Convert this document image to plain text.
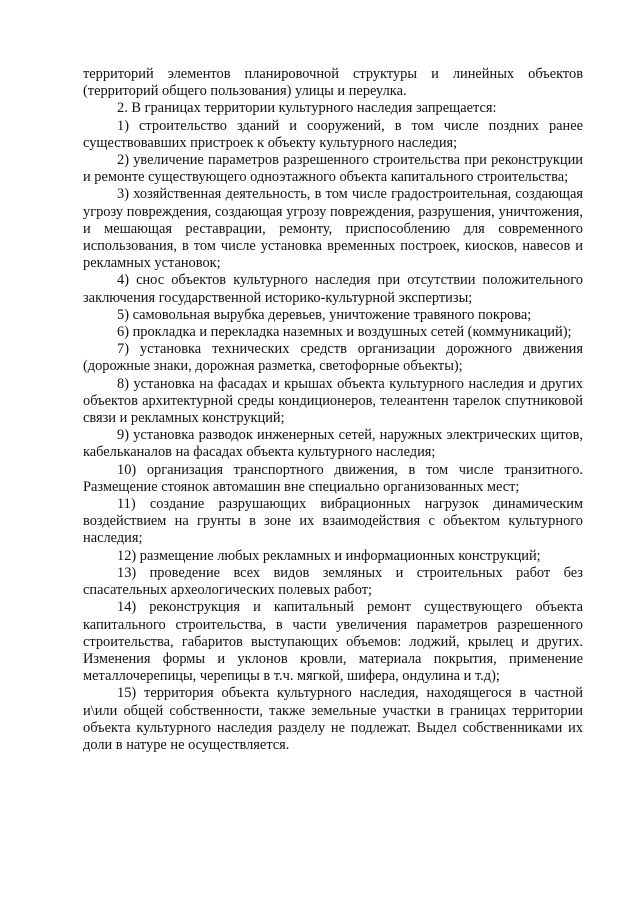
территорий элементов планировочной структуры и линейных объектов (территорий общего пользования) улицы и переулка.

2. В границах территории культурного наследия запрещается:

1) строительство зданий и сооружений, в том числе поздних ранее существовавших пристроек к объекту культурного наследия;

2) увеличение параметров разрешенного строительства при реконструкции и ремонте существующего одноэтажного объекта капитального строительства;

3) хозяйственная деятельность, в том числе градостроительная, создающая угрозу повреждения, создающая угрозу повреждения, разрушения, уничтожения, и мешающая реставрации, ремонту, приспособлению для современного использования, в том числе установка временных построек, киосков, навесов и рекламных установок;

4) снос объектов культурного наследия при отсутствии положительного заключения государственной историко-культурной экспертизы;

5) самовольная вырубка деревьев, уничтожение травяного покрова;

6) прокладка и перекладка наземных и воздушных сетей (коммуникаций);

7) установка технических средств организации дорожного движения (дорожные знаки, дорожная разметка, светофорные объекты);

8) установка на фасадах и крышах объекта культурного наследия и других объектов архитектурной среды кондиционеров, телеантенн тарелок спутниковой связи и рекламных конструкций;

9) установка разводок инженерных сетей, наружных электрических щитов, кабельканалов на фасадах объекта культурного наследия;

10) организация транспортного движения, в том числе транзитного. Размещение стоянок автомашин вне специально организованных мест;

11) создание разрушающих вибрационных нагрузок динамическим воздействием на грунты в зоне их взаимодействия с объектом культурного наследия;

12) размещение любых рекламных и информационных конструкций;

13) проведение всех видов земляных и строительных работ без спасательных археологических полевых работ;

14) реконструкция и капитальный ремонт существующего объекта капитального строительства, в части увеличения параметров разрешенного строительства, габаритов выступающих объемов: лоджий, крылец и других. Изменения формы и уклонов кровли, материала покрытия, применение металлочерепицы, черепицы в т.ч. мягкой, шифера, ондулина и т.д);

15) территория объекта культурного наследия, находящегося в частной и\или общей собственности, также земельные участки в границах территории объекта культурного наследия разделу не подлежат. Выдел собственниками их доли в натуре не осуществляется.
